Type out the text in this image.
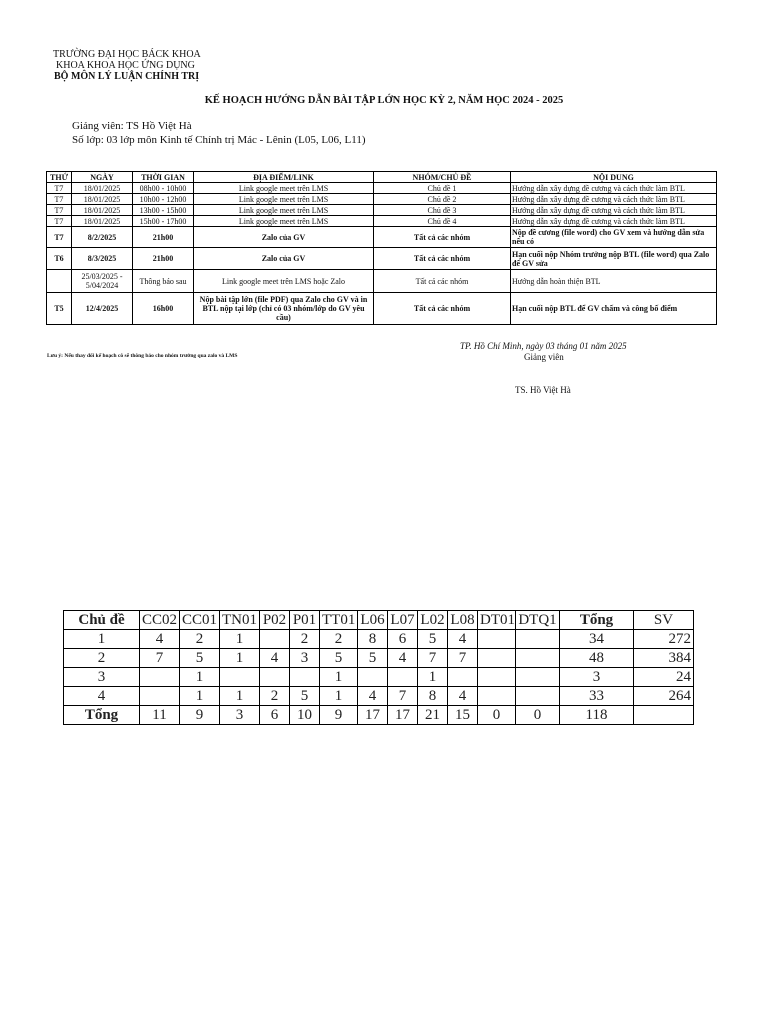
TRƯỜNG ĐẠI HỌC BÁCK KHOA
KHOA KHOA HỌC ỨNG DỤNG
BỘ MÔN LÝ LUẬN CHÍNH TRỊ
KẾ HOẠCH HƯỚNG DẪN BÀI TẬP LỚN HỌC KỲ 2, NĂM HỌC 2024 - 2025
Giảng viên: TS Hồ Việt Hà
Số lớp: 03 lớp môn Kinh tế Chính trị Mác - Lênin (L05, L06, L11)
THỨ	NGÀY	THỜI GIAN	ĐỊA ĐIỂM/LINK	NHÓM/CHỦ ĐỀ	NỘI DUNG
T7	18/01/2025	08h00 - 10h00	Link google meet trên LMS	Chủ đề 1	Hướng dẫn xây dựng đề cương và cách thức làm BTL
T7	18/01/2025	10h00 - 12h00	Link google meet trên LMS	Chủ đề 2	Hướng dẫn xây dựng đề cương và cách thức làm BTL
T7	18/01/2025	13h00 - 15h00	Link google meet trên LMS	Chủ đề 3	Hướng dẫn xây dựng đề cương và cách thức làm BTL
T7	18/01/2025	15h00 - 17h00	Link google meet trên LMS	Chủ đề 4	Hướng dẫn xây dựng đề cương và cách thức làm BTL
T7	8/2/2025	21h00	Zalo của GV	Tất cả các nhóm	Nộp đề cương (file word) cho GV xem và hướng dẫn sửa nếu có
T6	8/3/2025	21h00	Zalo của GV	Tất cả các nhóm	Hạn cuối nộp Nhóm trưởng nộp BTL (file word) qua Zalo để GV sửa
	25/03/2025 - 5/04/2024	Thông báo sau	Link google meet trên LMS hoặc Zalo	Tất cả các nhóm	Hướng dẫn hoàn thiện BTL
T5	12/4/2025	16h00	Nộp bài tập lớn (file PDF) qua Zalo cho GV và in BTL nộp tại lớp (chỉ có 03 nhóm/lớp do GV yêu cầu)	Tất cả các nhóm	Hạn cuối nộp BTL để GV chấm và công bố điểm
TP. Hồ Chí Minh, ngày 03 tháng 01 năm 2025
Lưu ý: Nếu thay đổi kế hoạch cô sẽ thông báo cho nhóm trưởng qua zalo và LMS	Giảng viên
TS. Hồ Việt Hà
Chủ đề	CC02	CC01	TN01	P02	P01	TT01	L06	L07	L02	L08	DT01	DTQ1	Tổng	SV
1	4	2	1		2	2	8	6	5	4			34	272
2	7	5	1	4	3	5	5	4	7	7			48	384
3		1				1			1				3	24
4		1	1	2	5	1	4	7	8	4			33	264
Tổng	11	9	3	6	10	9	17	17	21	15	0	0	118	
